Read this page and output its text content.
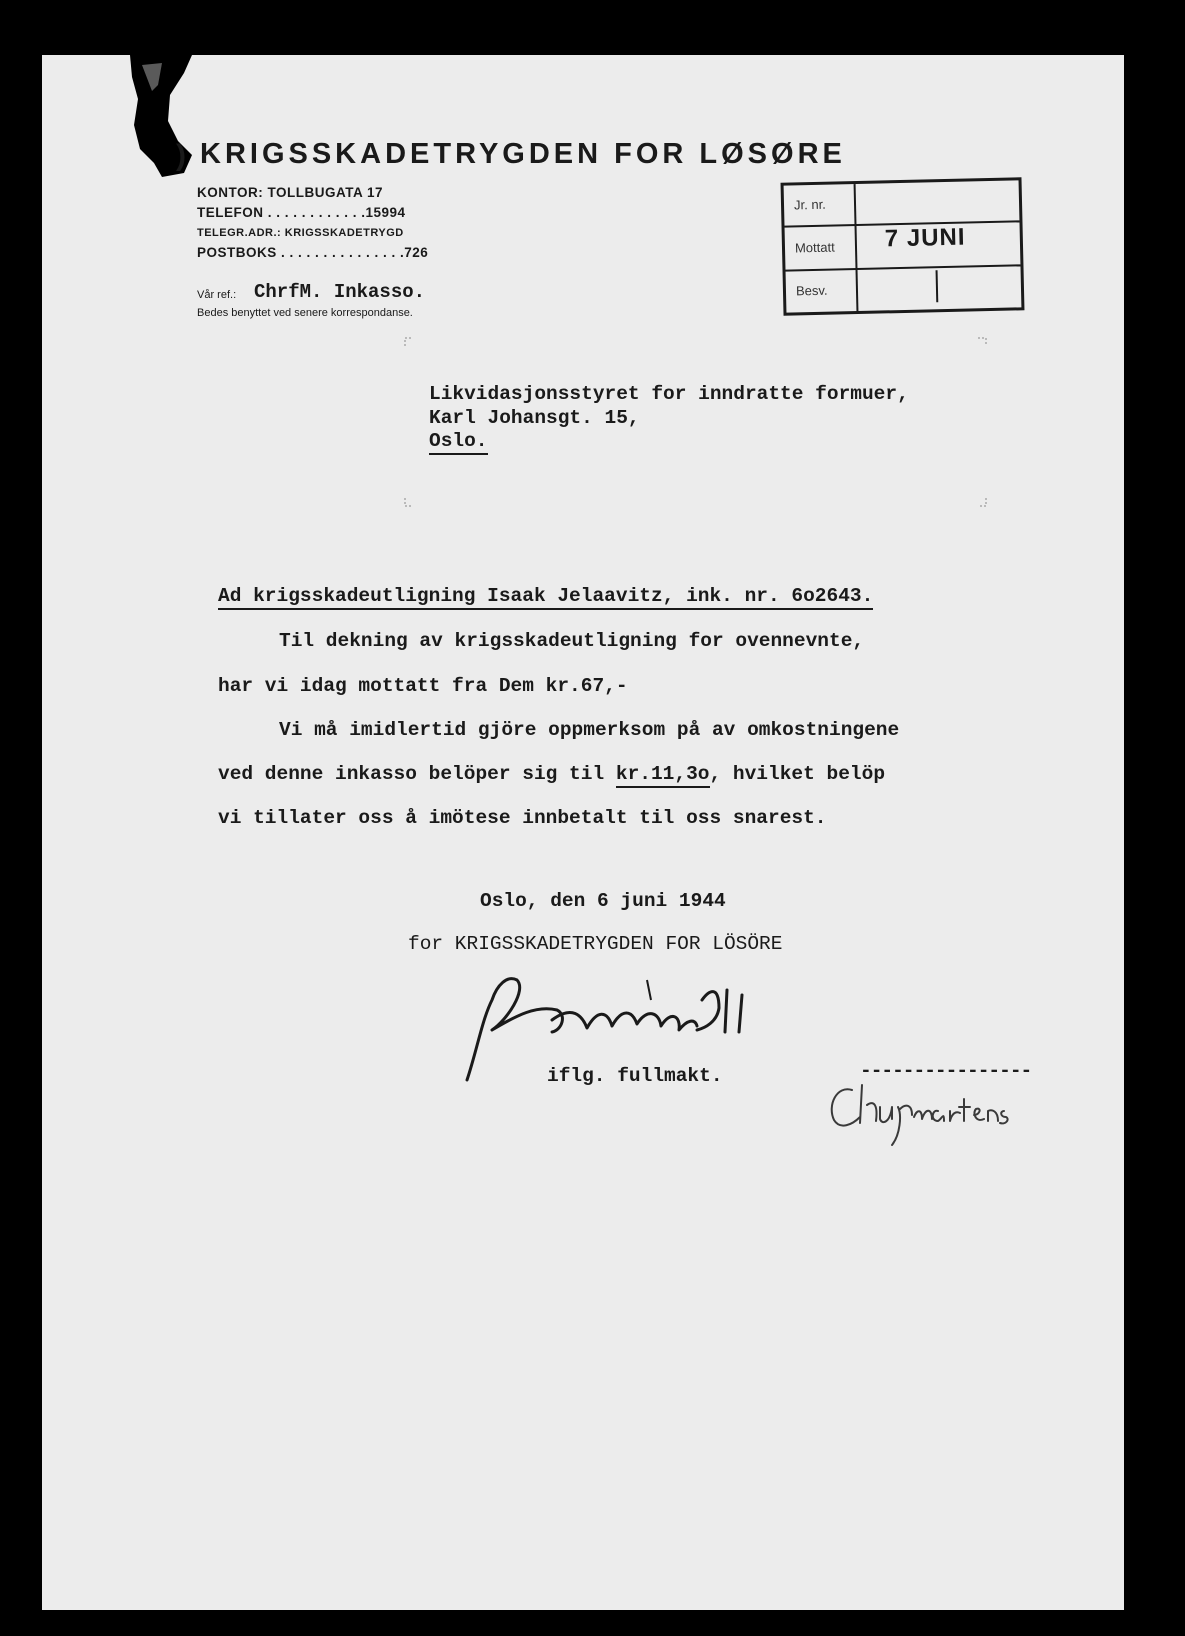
) KRIGSSKADETRYGDEN FOR LØSØRE
KONTOR: TOLLBUGATA 17
TELEFON . . . . . . . . . . . .15994
TELEGR.ADR.: KRIGSSKADETRYGD
POSTBOKS . . . . . . . . . . . . . . .726
Vår ref.: ChrfM. Inkasso.
Bedes benyttet ved senere korrespondanse.
Jr. nr.
Mottatt 7 JUNI
Besv.
Likvidasjonsstyret for inndratte formuer,
Karl Johansgt. 15,
Oslo.
Ad krigsskadeutligning Isaak Jelaavitz, ink. nr. 6o2643.
Til dekning av krigsskadeutligning for ovennevnte,
har vi idag mottatt fra Dem kr.67,-
Vi må imidlertid gjöre oppmerksom på av omkostningene
ved denne inkasso belöper sig til kr.11,3o, hvilket belöp
vi tillater oss å imötese innbetalt til oss snarest.
Oslo, den 6 juni 1944
for KRIGSSKADETRYGDEN FOR LÖSÖRE
iflg. fullmakt.	----------------
